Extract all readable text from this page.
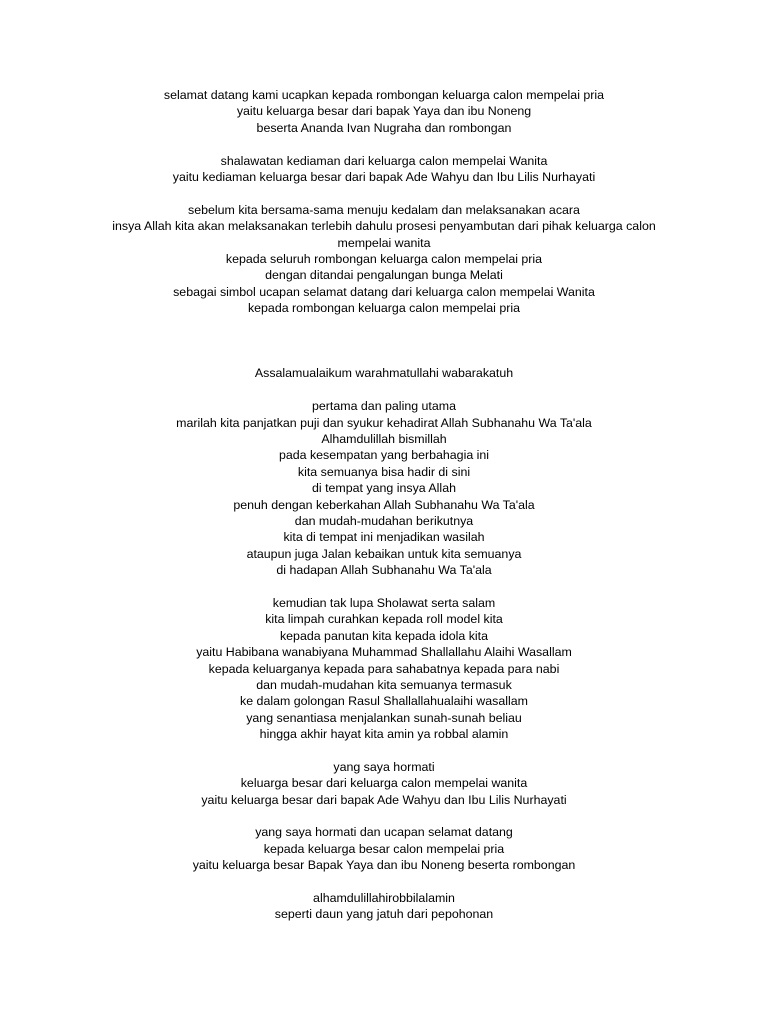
selamat datang kami ucapkan kepada rombongan keluarga calon mempelai pria
yaitu keluarga besar dari bapak Yaya dan ibu Noneng
beserta Ananda Ivan Nugraha dan rombongan
shalawatan kediaman dari keluarga calon mempelai Wanita
yaitu kediaman keluarga besar dari bapak Ade Wahyu dan Ibu Lilis Nurhayati
sebelum kita bersama-sama menuju kedalam dan melaksanakan acara
insya Allah kita akan melaksanakan terlebih dahulu prosesi penyambutan dari pihak keluarga calon
mempelai wanita
kepada seluruh rombongan keluarga calon mempelai pria
dengan ditandai pengalungan bunga Melati
sebagai simbol ucapan selamat datang dari keluarga calon mempelai Wanita
kepada rombongan keluarga calon mempelai pria
Assalamualaikum warahmatullahi wabarakatuh
pertama dan paling utama
marilah kita panjatkan puji dan syukur kehadirat Allah Subhanahu Wa Ta'ala
Alhamdulillah bismillah
pada kesempatan yang berbahagia ini
kita semuanya bisa hadir di sini
di tempat yang insya Allah
penuh dengan keberkahan Allah Subhanahu Wa Ta'ala
dan mudah-mudahan berikutnya
kita di tempat ini menjadikan wasilah
ataupun juga Jalan kebaikan untuk kita semuanya
di hadapan Allah Subhanahu Wa Ta'ala
kemudian tak lupa Sholawat serta salam
kita limpah curahkan kepada roll model kita
kepada panutan kita kepada idola kita
yaitu Habibana wanabiyana Muhammad Shallallahu Alaihi Wasallam
kepada keluarganya kepada para sahabatnya kepada para nabi
dan mudah-mudahan kita semuanya termasuk
ke dalam golongan Rasul Shallallahualaihi wasallam
yang senantiasa menjalankan sunah-sunah beliau
hingga akhir hayat kita amin ya robbal alamin
yang saya hormati
keluarga besar dari keluarga calon mempelai wanita
yaitu keluarga besar dari bapak Ade Wahyu dan Ibu Lilis Nurhayati
yang saya hormati dan ucapan selamat datang
kepada keluarga besar calon mempelai pria
yaitu keluarga besar Bapak Yaya dan ibu Noneng beserta rombongan
alhamdulillahirobbilalamin
seperti daun yang jatuh dari pepohonan
